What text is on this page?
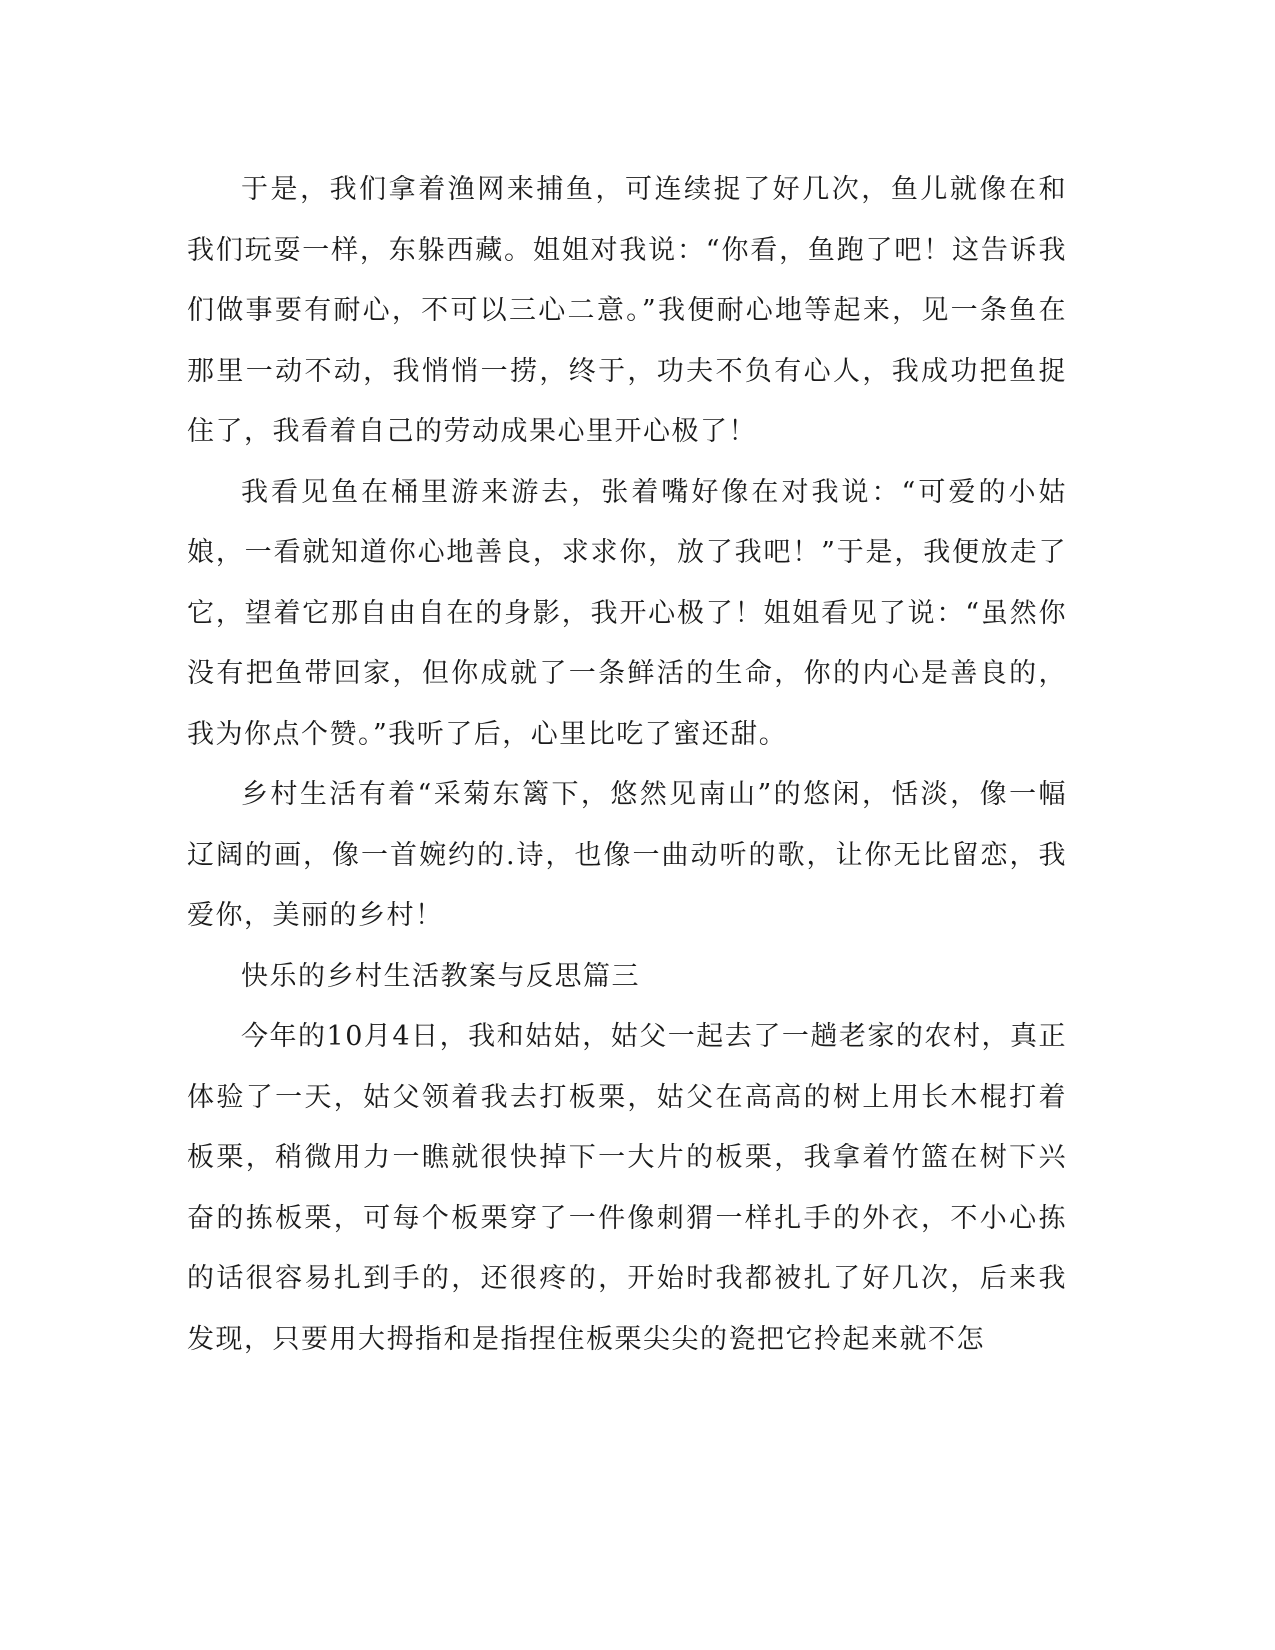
于是，我们拿着渔网来捕鱼，可连续捉了好几次，鱼儿就像在和我们玩耍一样，东躲西藏。姐姐对我说：“你看，鱼跑了吧！这告诉我们做事要有耐心，不可以三心二意。”我便耐心地等起来，见一条鱼在那里一动不动，我悄悄一捞，终于，功夫不负有心人，我成功把鱼捉住了，我看着自己的劳动成果心里开心极了！

我看见鱼在桶里游来游去，张着嘴好像在对我说：“可爱的小姑娘，一看就知道你心地善良，求求你，放了我吧！”于是，我便放走了它，望着它那自由自在的身影，我开心极了！姐姐看见了说：“虽然你没有把鱼带回家，但你成就了一条鲜活的生命，你的内心是善良的，我为你点个赞。”我听了后，心里比吃了蜜还甜。

乡村生活有着“采菊东篱下，悠然见南山”的悠闲，恬淡，像一幅辽阔的画，像一首婉约的.诗，也像一曲动听的歌，让你无比留恋，我爱你，美丽的乡村！

快乐的乡村生活教案与反思篇三

今年的10月4日，我和姑姑，姑父一起去了一趟老家的农村，真正体验了一天，姑父领着我去打板栗，姑父在高高的树上用长木棍打着板栗，稍微用力一瞧就很快掉下一大片的板栗，我拿着竹篮在树下兴奋的拣板栗，可每个板栗穿了一件像刺猬一样扎手的外衣，不小心拣的话很容易扎到手的，还很疼的，开始时我都被扎了好几次，后来我发现，只要用大拇指和是指捏住板栗尖尖的瓷把它拎起来就不怎
